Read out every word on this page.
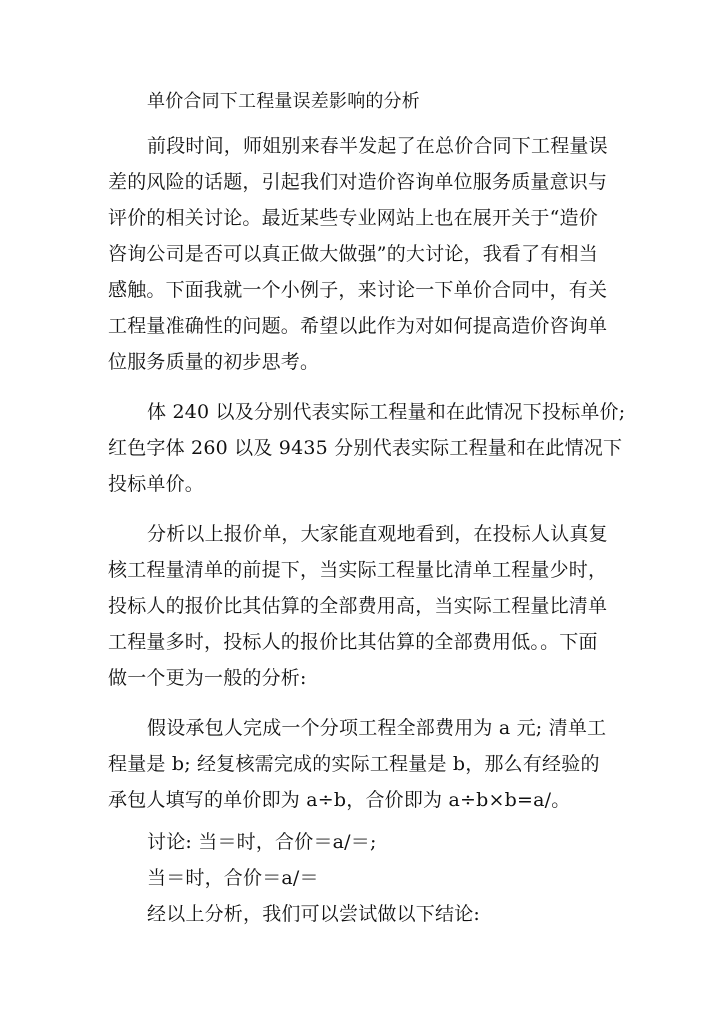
单价合同下工程量误差影响的分析
前段时间，师姐别来春半发起了在总价合同下工程量误
差的风险的话题，引起我们对造价咨询单位服务质量意识与
评价的相关讨论。最近某些专业网站上也在展开关于“造价
咨询公司是否可以真正做大做强”的大讨论，我看了有相当
感触。下面我就一个小例子，来讨论一下单价合同中，有关
工程量准确性的问题。希望以此作为对如何提高造价咨询单
位服务质量的初步思考。
体 240 以及分别代表实际工程量和在此情况下投标单价;
红色字体 260 以及 9435 分别代表实际工程量和在此情况下
投标单价。
分析以上报价单，大家能直观地看到，在投标人认真复
核工程量清单的前提下，当实际工程量比清单工程量少时，
投标人的报价比其估算的全部费用高，当实际工程量比清单
工程量多时，投标人的报价比其估算的全部费用低。。下面
做一个更为一般的分析:
假设承包人完成一个分项工程全部费用为 a 元; 清单工
程量是 b; 经复核需完成的实际工程量是 b，那么有经验的
承包人填写的单价即为 a÷b，合价即为 a÷b×b=a/。
讨论: 当＝时，合价＝a/＝;
当＝时，合价＝a/＝
经以上分析，我们可以尝试做以下结论:
